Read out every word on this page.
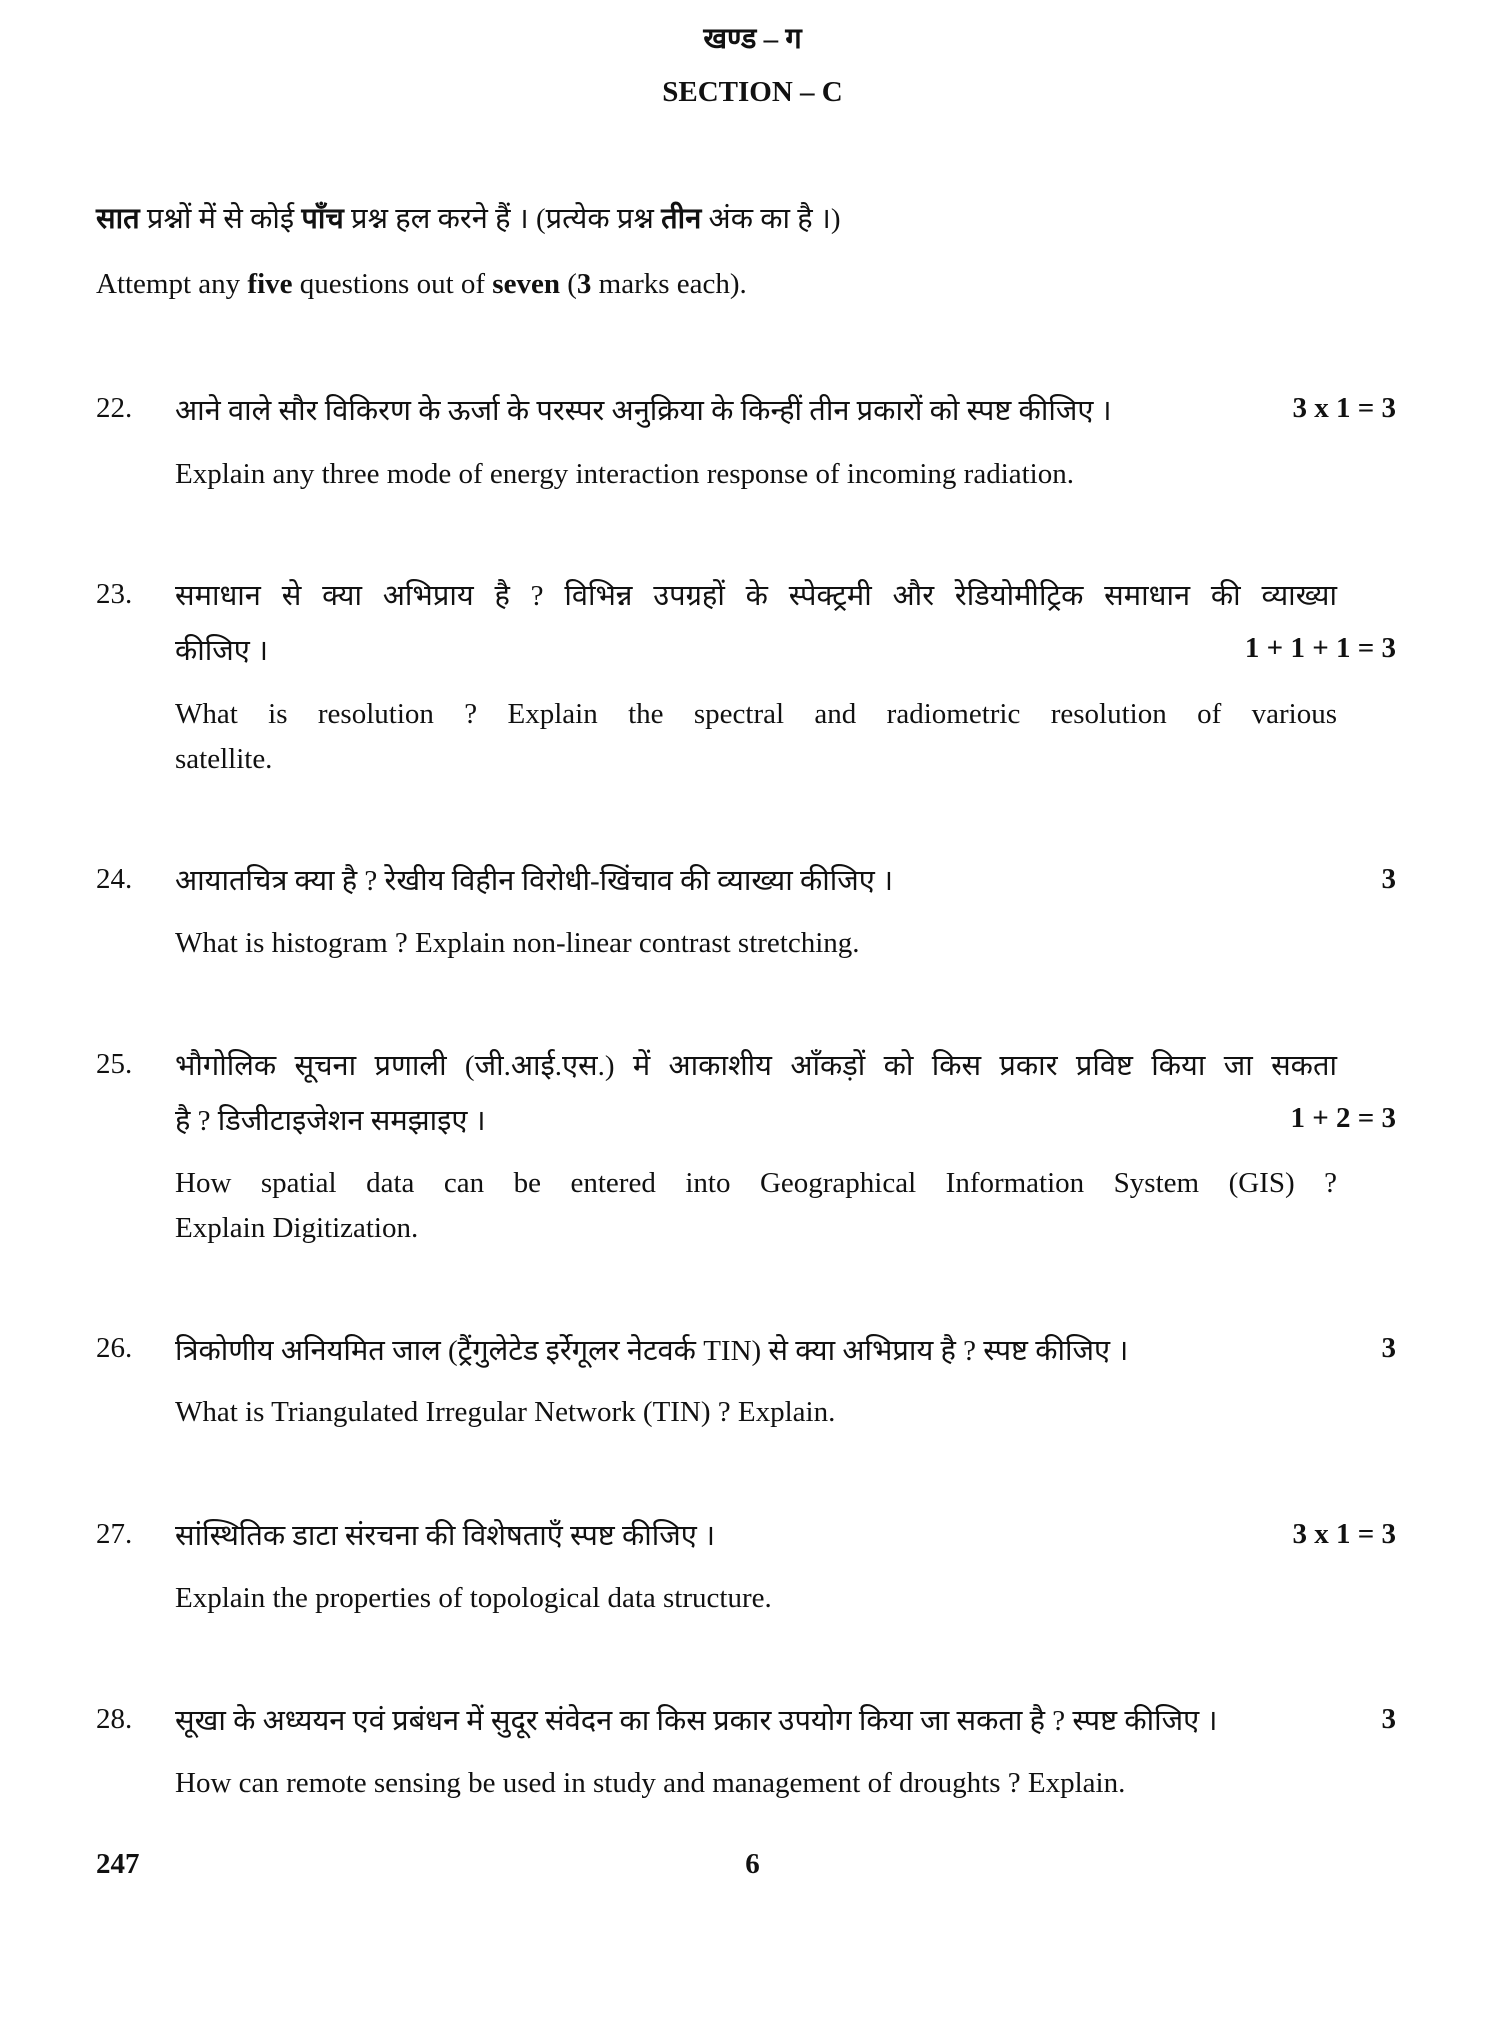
खण्ड – ग
SECTION – C
सात प्रश्नों में से कोई पाँच प्रश्न हल करने हैं । (प्रत्येक प्रश्न तीन अंक का है ।)
Attempt any five questions out of seven (3 marks each).
22. आने वाले सौर विकिरण के ऊर्जा के परस्पर अनुक्रिया के किन्हीं तीन प्रकारों को स्पष्ट कीजिए ।	3 x 1 = 3
Explain any three mode of energy interaction response of incoming radiation.
23. समाधान से क्या अभिप्राय है ? विभिन्न उपग्रहों के स्पेक्ट्रमी और रेडियोमीट्रिक समाधान की व्याख्या
कीजिए ।	1 + 1 + 1 = 3
What is resolution ? Explain the spectral and radiometric resolution of various
satellite.
24. आयातचित्र क्या है ? रेखीय विहीन विरोधी-खिंचाव की व्याख्या कीजिए ।	3
What is histogram ? Explain non-linear contrast stretching.
25. भौगोलिक सूचना प्रणाली (जी.आई.एस.) में आकाशीय आँकड़ों को किस प्रकार प्रविष्ट किया जा सकता
है ? डिजीटाइजेशन समझाइए ।	1 + 2 = 3
How spatial data can be entered into Geographical Information System (GIS) ?
Explain Digitization.
26. त्रिकोणीय अनियमित जाल (ट्रैंगुलेटेड इर्रेगूलर नेटवर्क TIN) से क्या अभिप्राय है ? स्पष्ट कीजिए ।	3
What is Triangulated Irregular Network (TIN) ? Explain.
27. सांस्थितिक डाटा संरचना की विशेषताएँ स्पष्ट कीजिए ।	3 x 1 = 3
Explain the properties of topological data structure.
28. सूखा के अध्ययन एवं प्रबंधन में सुदूर संवेदन का किस प्रकार उपयोग किया जा सकता है ? स्पष्ट कीजिए ।	3
How can remote sensing be used in study and management of droughts ? Explain.
247	6
